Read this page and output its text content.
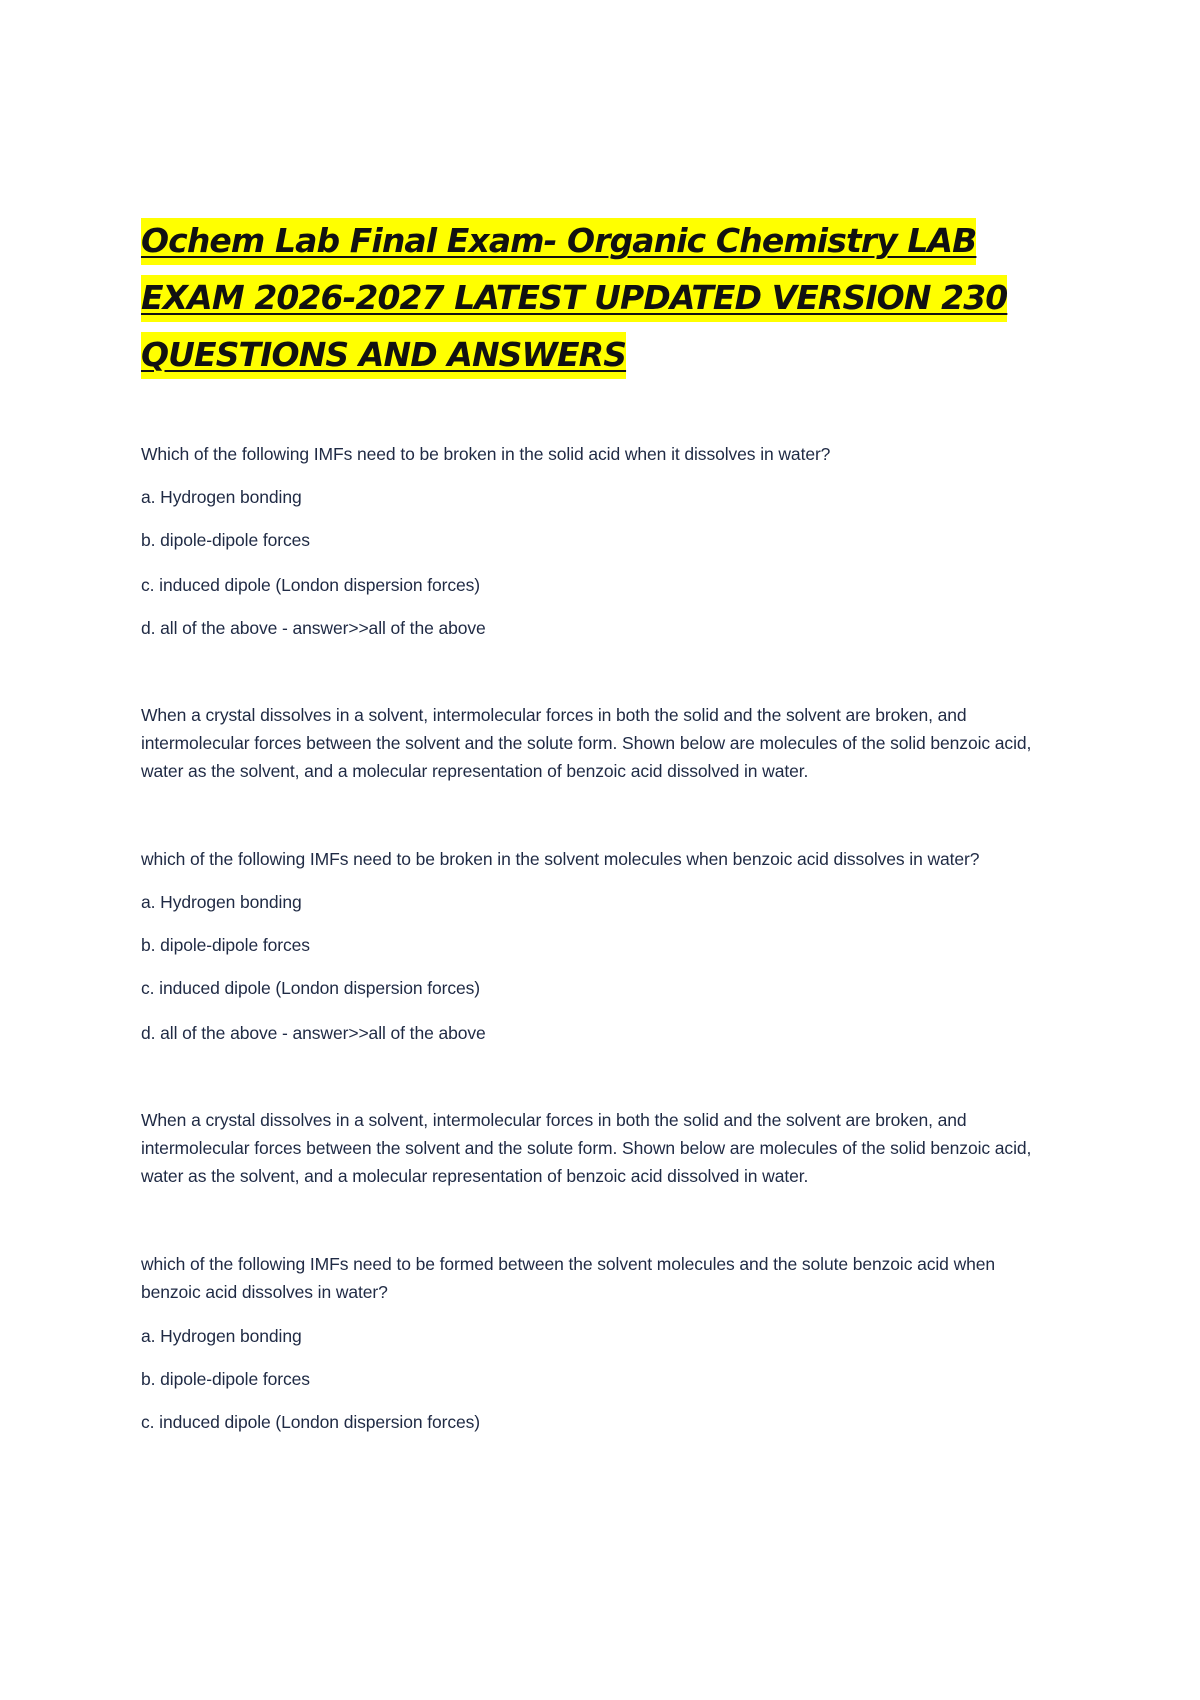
Ochem Lab Final Exam- Organic Chemistry LAB EXAM 2026-2027 LATEST UPDATED VERSION 230 QUESTIONS AND ANSWERS

Which of the following IMFs need to be broken in the solid acid when it dissolves in water?

a. Hydrogen bonding

b. dipole-dipole forces

c. induced dipole (London dispersion forces)

d. all of the above - answer>>all of the above

When a crystal dissolves in a solvent, intermolecular forces in both the solid and the solvent are broken, and intermolecular forces between the solvent and the solute form. Shown below are molecules of the solid benzoic acid, water as the solvent, and a molecular representation of benzoic acid dissolved in water.

which of the following IMFs need to be broken in the solvent molecules when benzoic acid dissolves in water?

a. Hydrogen bonding

b. dipole-dipole forces

c. induced dipole (London dispersion forces)

d. all of the above - answer>>all of the above

When a crystal dissolves in a solvent, intermolecular forces in both the solid and the solvent are broken, and intermolecular forces between the solvent and the solute form. Shown below are molecules of the solid benzoic acid, water as the solvent, and a molecular representation of benzoic acid dissolved in water.

which of the following IMFs need to be formed between the solvent molecules and the solute benzoic acid when benzoic acid dissolves in water?

a. Hydrogen bonding

b. dipole-dipole forces

c. induced dipole (London dispersion forces)
